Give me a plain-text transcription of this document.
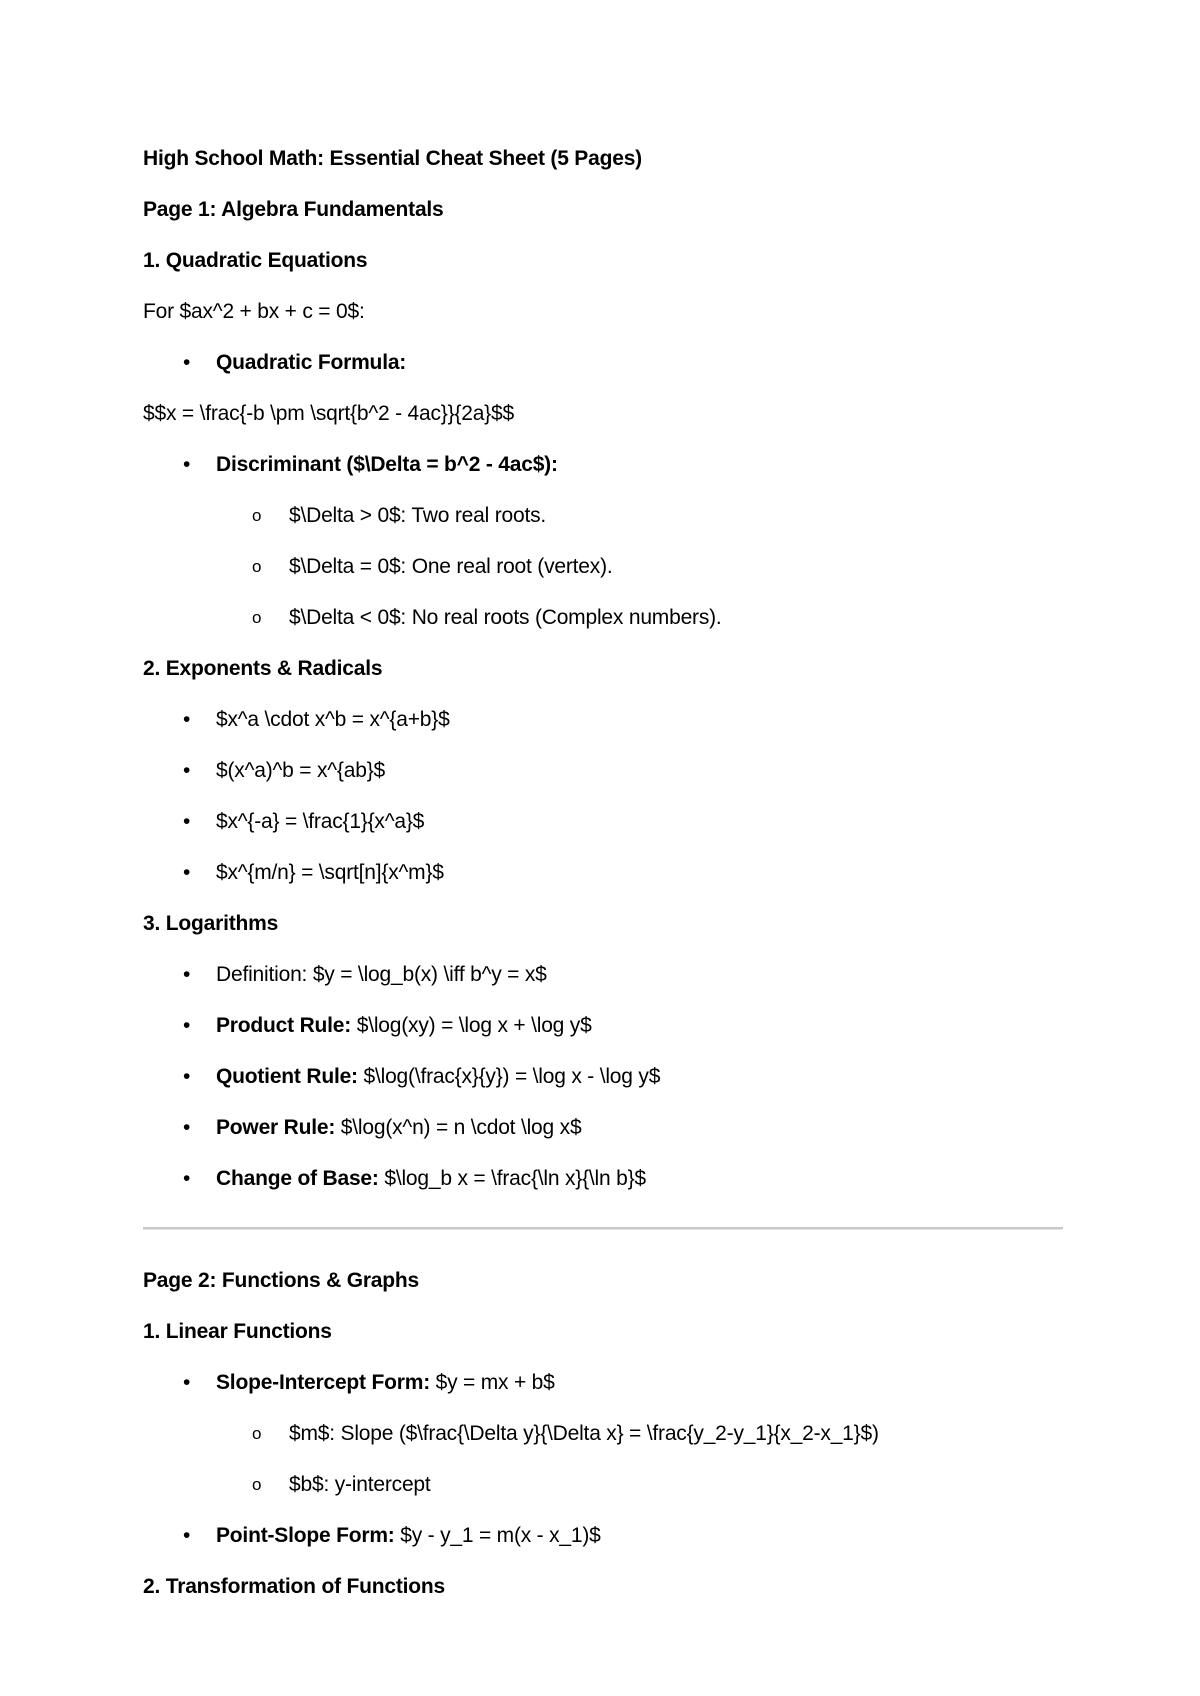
High School Math: Essential Cheat Sheet (5 Pages)
Page 1: Algebra Fundamentals
1. Quadratic Equations
For $ax^2 + bx + c = 0$:
• Quadratic Formula:
$$x = \frac{-b \pm \sqrt{b^2 - 4ac}}{2a}$$
• Discriminant ($\Delta = b^2 - 4ac$):
o $\Delta > 0$: Two real roots.
o $\Delta = 0$: One real root (vertex).
o $\Delta < 0$: No real roots (Complex numbers).
2. Exponents & Radicals
• $x^a \cdot x^b = x^{a+b}$
• $(x^a)^b = x^{ab}$
• $x^{-a} = \frac{1}{x^a}$
• $x^{m/n} = \sqrt[n]{x^m}$
3. Logarithms
• Definition: $y = \log_b(x) \iff b^y = x$
• Product Rule: $\log(xy) = \log x + \log y$
• Quotient Rule: $\log(\frac{x}{y}) = \log x - \log y$
• Power Rule: $\log(x^n) = n \cdot \log x$
• Change of Base: $\log_b x = \frac{\ln x}{\ln b}$
Page 2: Functions & Graphs
1. Linear Functions
• Slope-Intercept Form: $y = mx + b$
o $m$: Slope ($\frac{\Delta y}{\Delta x} = \frac{y_2-y_1}{x_2-x_1}$)
o $b$: y-intercept
• Point-Slope Form: $y - y_1 = m(x - x_1)$
2. Transformation of Functions
